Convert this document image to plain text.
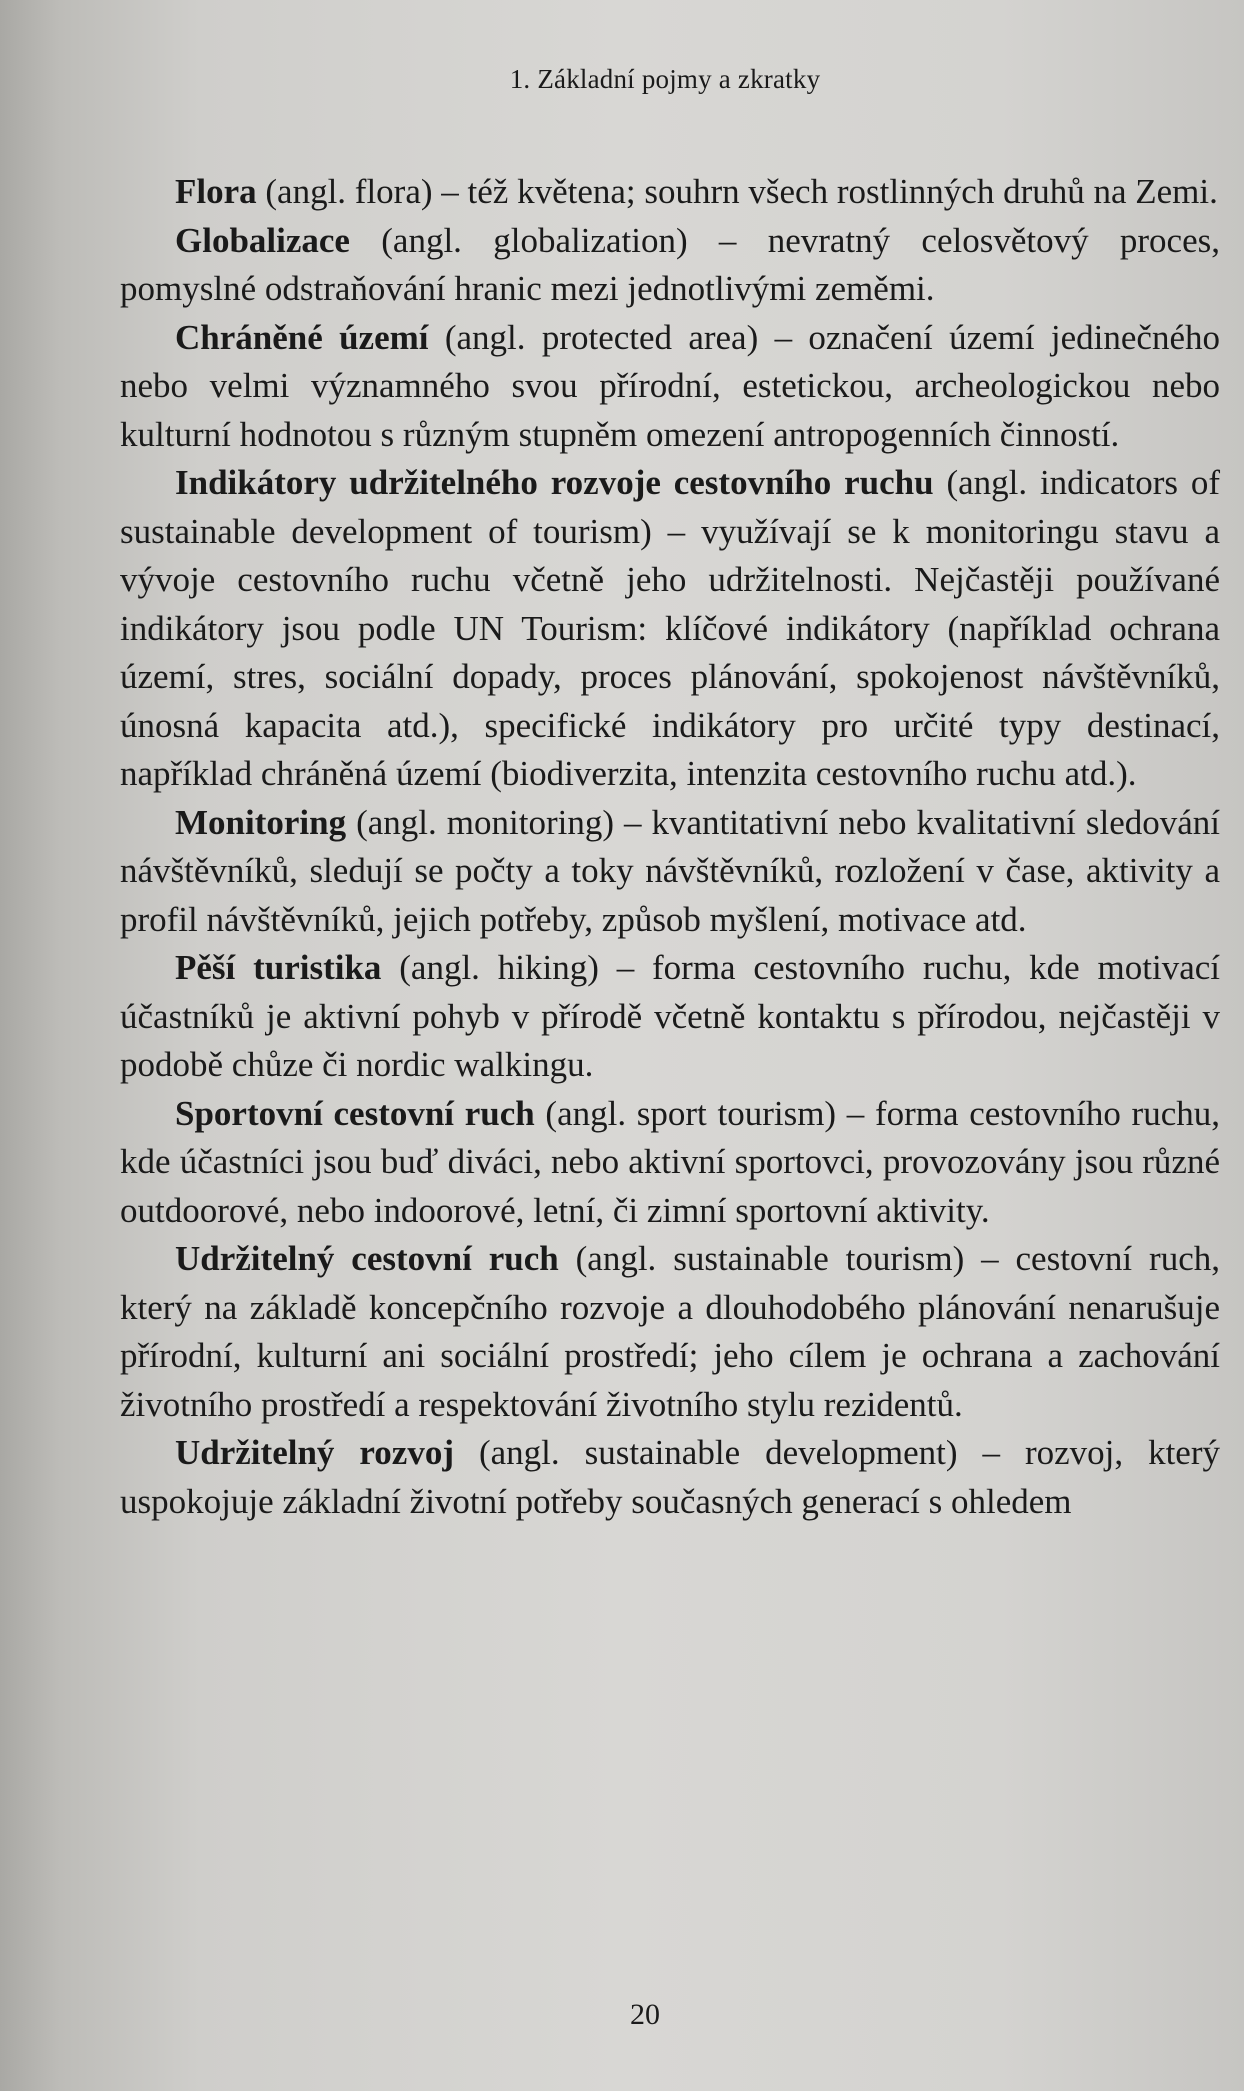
1. Základní pojmy a zkratky

Flora (angl. flora) – též květena; souhrn všech rostlinných druhů na Zemi.

Globalizace (angl. globalization) – nevratný celosvětový proces, pomyslné odstraňování hranic mezi jednotlivými zeměmi.

Chráněné území (angl. protected area) – označení území jedinečného nebo velmi významného svou přírodní, estetickou, archeologickou nebo kulturní hodnotou s různým stupněm omezení antropogenních činností.

Indikátory udržitelného rozvoje cestovního ruchu (angl. indicators of sustainable development of tourism) – využívají se k monitoringu stavu a vývoje cestovního ruchu včetně jeho udržitelnosti. Nejčastěji používané indikátory jsou podle UN Tourism: klíčové indikátory (například ochrana území, stres, sociální dopady, proces plánování, spokojenost návštěvníků, únosná kapacita atd.), specifické indikátory pro určité typy destinací, například chráněná území (biodiverzita, intenzita cestovního ruchu atd.).

Monitoring (angl. monitoring) – kvantitativní nebo kvalitativní sledování návštěvníků, sledují se počty a toky návštěvníků, rozložení v čase, aktivity a profil návštěvníků, jejich potřeby, způsob myšlení, motivace atd.

Pěší turistika (angl. hiking) – forma cestovního ruchu, kde motivací účastníků je aktivní pohyb v přírodě včetně kontaktu s přírodou, nejčastěji v podobě chůze či nordic walkingu.

Sportovní cestovní ruch (angl. sport tourism) – forma cestovního ruchu, kde účastníci jsou buď diváci, nebo aktivní sportovci, provozovány jsou různé outdoorové, nebo indoorové, letní, či zimní sportovní aktivity.

Udržitelný cestovní ruch (angl. sustainable tourism) – cestovní ruch, který na základě koncepčního rozvoje a dlouhodobého plánování nenarušuje přírodní, kulturní ani sociální prostředí; jeho cílem je ochrana a zachování životního prostředí a respektování životního stylu rezidentů.

Udržitelný rozvoj (angl. sustainable development) – rozvoj, který uspokojuje základní životní potřeby současných generací s ohledem

20
